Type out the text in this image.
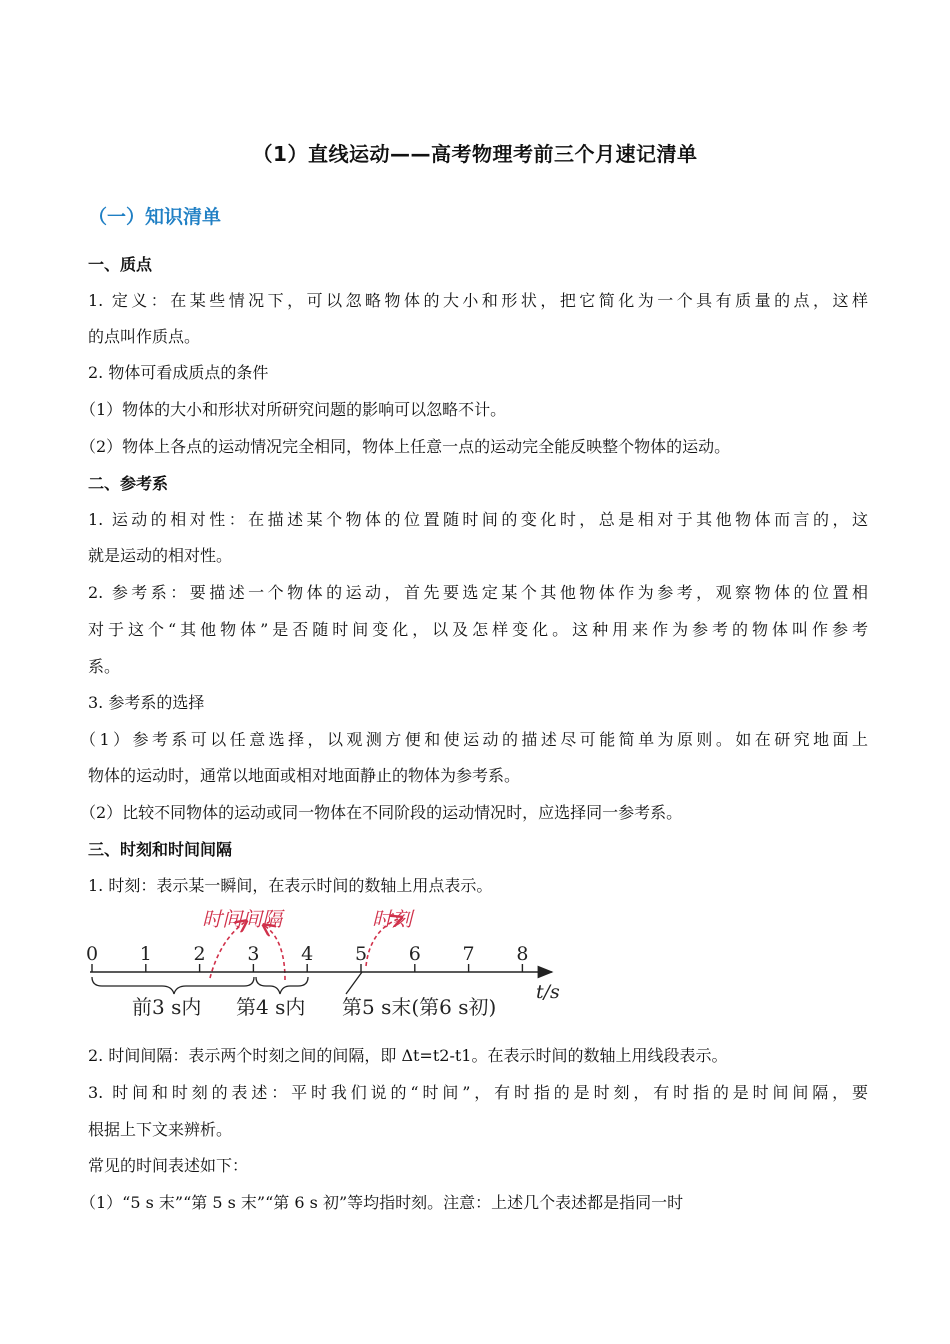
（1）直线运动——高考物理考前三个月速记清单
（一）知识清单
一、质点
1. 定义：在某些情况下，可以忽略物体的大小和形状，把它简化为一个具有质量的点，这样
的点叫作质点。
2. 物体可看成质点的条件
（1）物体的大小和形状对所研究问题的影响可以忽略不计。
（2）物体上各点的运动情况完全相同，物体上任意一点的运动完全能反映整个物体的运动。
二、参考系
1. 运动的相对性：在描述某个物体的位置随时间的变化时，总是相对于其他物体而言的，这
就是运动的相对性。
2. 参考系：要描述一个物体的运动，首先要选定某个其他物体作为参考，观察物体的位置相
对于这个“其他物体”是否随时间变化，以及怎样变化。这种用来作为参考的物体叫作参考
系。
3. 参考系的选择
（1）参考系可以任意选择，以观测方便和使运动的描述尽可能简单为原则。如在研究地面上
物体的运动时，通常以地面或相对地面静止的物体为参考系。
（2）比较不同物体的运动或同一物体在不同阶段的运动情况时，应选择同一参考系。
三、时刻和时间间隔
1. 时刻：表示某一瞬间，在表示时间的数轴上用点表示。
时间间隔	时刻
0 1 2 3 4 5 6 7 8
t/s
前3 s内 第4 s内 第5 s末(第6 s初)
2. 时间间隔：表示两个时刻之间的间隔，即 Δt=t2-t1。在表示时间的数轴上用线段表示。
3. 时间和时刻的表述：平时我们说的“时间”，有时指的是时刻，有时指的是时间间隔，要
根据上下文来辨析。
常见的时间表述如下：
（1）“5 s 末”“第 5 s 末”“第 6 s 初”等均指时刻。注意：上述几个表述都是指同一时
